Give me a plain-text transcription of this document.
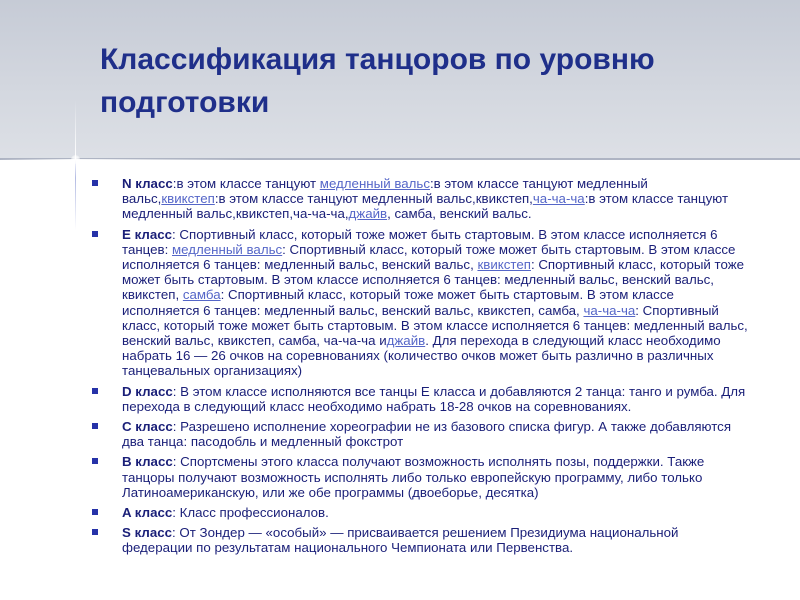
Классификация танцоров по уровню подготовки
N класс:в этом классе танцуют медленный вальс:в этом классе танцуют медленный вальс,квикстеп:в этом классе танцуют медленный вальс,квикстеп,ча-ча-ча:в этом классе танцуют медленный вальс,квикстеп,ча-ча-ча,джайв, самба, венский вальс.
E класс: Спортивный класс, который тоже может быть стартовым. В этом классе исполняется 6 танцев: медленный вальс: Спортивный класс, который тоже может быть стартовым. В этом классе исполняется 6 танцев: медленный вальс, венский вальс, квикстеп: Спортивный класс, который тоже может быть стартовым. В этом классе исполняется 6 танцев: медленный вальс, венский вальс, квикстеп, самба: Спортивный класс, который тоже может быть стартовым. В этом классе исполняется 6 танцев: медленный вальс, венский вальс, квикстеп, самба, ча-ча-ча: Спортивный класс, который тоже может быть стартовым. В этом классе исполняется 6 танцев: медленный вальс, венский вальс, квикстеп, самба, ча-ча-ча иджайв. Для перехода в следующий класс необходимо набрать 16 — 26 очков на соревнованиях (количество очков может быть различно в различных танцевальных организациях)
D класс: В этом классе исполняются все танцы E класса и добавляются 2 танца: танго и румба. Для перехода в следующий класс необходимо набрать 18-28 очков на соревнованиях.
C класс: Разрешено исполнение хореографии не из базового списка фигур. А также добавляются два танца: пасодобль и медленный фокстрот
B класс: Спортсмены этого класса получают возможность исполнять позы, поддержки. Также танцоры получают возможность исполнять либо только европейскую программу, либо только Латиноамериканскую, или же обе программы (двоеборье, десятка)
A класс: Класс профессионалов.
S класс: От Зондер — «особый» — присваивается решением Президиума национальной федерации по результатам национального Чемпионата или Первенства.
